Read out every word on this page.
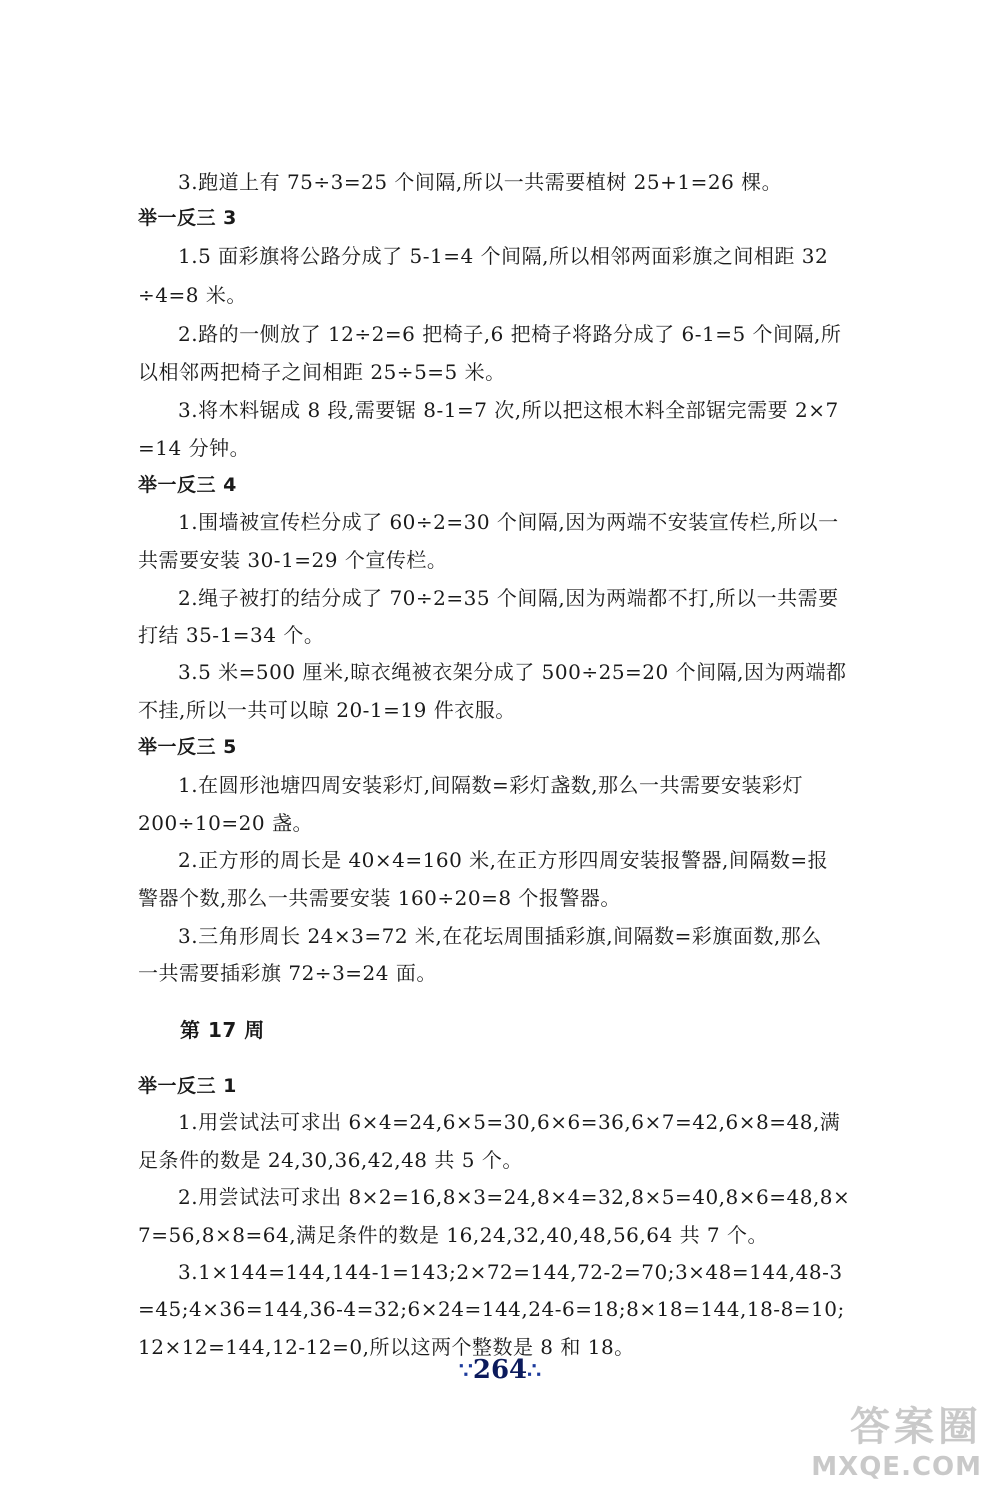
3.跑道上有 75÷3=25 个间隔,所以一共需要植树 25+1=26 棵。
举一反三 3
1.5 面彩旗将公路分成了 5-1=4 个间隔,所以相邻两面彩旗之间相距 32
÷4=8 米。
2.路的一侧放了 12÷2=6 把椅子,6 把椅子将路分成了 6-1=5 个间隔,所
以相邻两把椅子之间相距 25÷5=5 米。
3.将木料锯成 8 段,需要锯 8-1=7 次,所以把这根木料全部锯完需要 2×7
=14 分钟。
举一反三 4
1.围墙被宣传栏分成了 60÷2=30 个间隔,因为两端不安装宣传栏,所以一
共需要安装 30-1=29 个宣传栏。
2.绳子被打的结分成了 70÷2=35 个间隔,因为两端都不打,所以一共需要
打结 35-1=34 个。
3.5 米=500 厘米,晾衣绳被衣架分成了 500÷25=20 个间隔,因为两端都
不挂,所以一共可以晾 20-1=19 件衣服。
举一反三 5
1.在圆形池塘四周安装彩灯,间隔数=彩灯盏数,那么一共需要安装彩灯
200÷10=20 盏。
2.正方形的周长是 40×4=160 米,在正方形四周安装报警器,间隔数=报
警器个数,那么一共需要安装 160÷20=8 个报警器。
3.三角形周长 24×3=72 米,在花坛周围插彩旗,间隔数=彩旗面数,那么
一共需要插彩旗 72÷3=24 面。
第 17 周
举一反三 1
1.用尝试法可求出 6×4=24,6×5=30,6×6=36,6×7=42,6×8=48,满
足条件的数是 24,30,36,42,48 共 5 个。
2.用尝试法可求出 8×2=16,8×3=24,8×4=32,8×5=40,8×6=48,8×
7=56,8×8=64,满足条件的数是 16,24,32,40,48,56,64 共 7 个。
3.1×144=144,144-1=143;2×72=144,72-2=70;3×48=144,48-3
=45;4×36=144,36-4=32;6×24=144,24-6=18;8×18=144,18-8=10;
12×12=144,12-12=0,所以这两个整数是 8 和 18。
∵264∴
答案圈
MXQE.COM
